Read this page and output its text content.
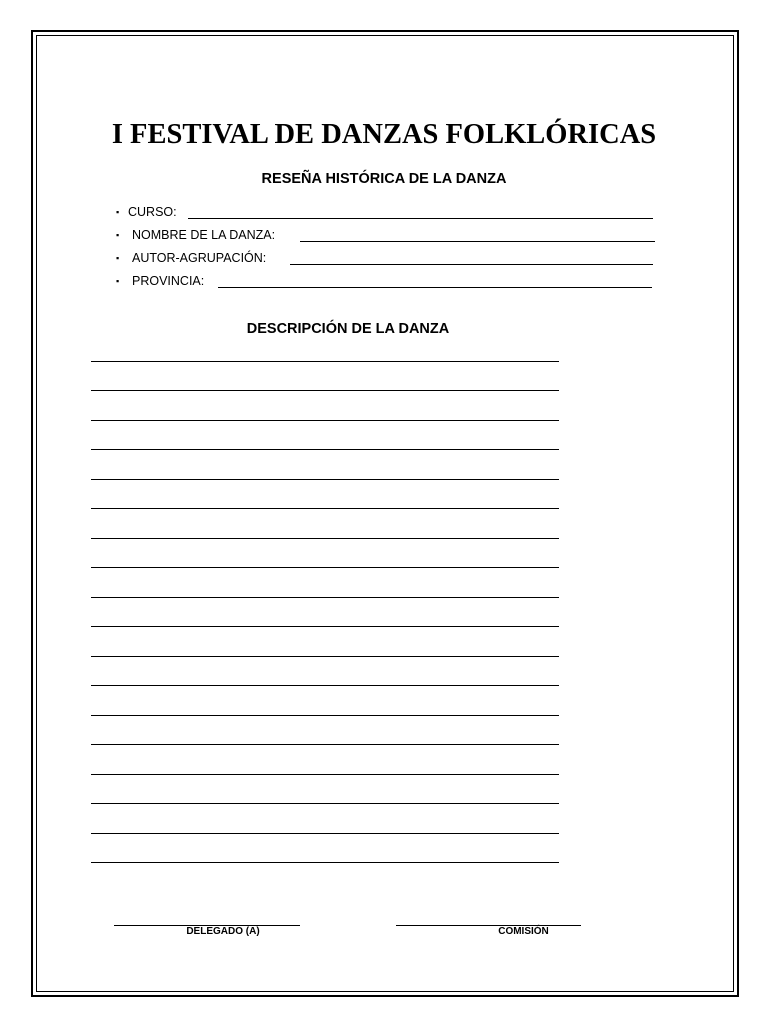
I FESTIVAL DE DANZAS FOLKLÓRICAS
RESEÑA HISTÓRICA DE LA DANZA
▪ CURSO:
▪ NOMBRE DE LA DANZA:
▪ AUTOR-AGRUPACIÓN:
▪ PROVINCIA:
DESCRIPCIÓN DE LA DANZA
DELEGADO (A)	COMISIÓN
